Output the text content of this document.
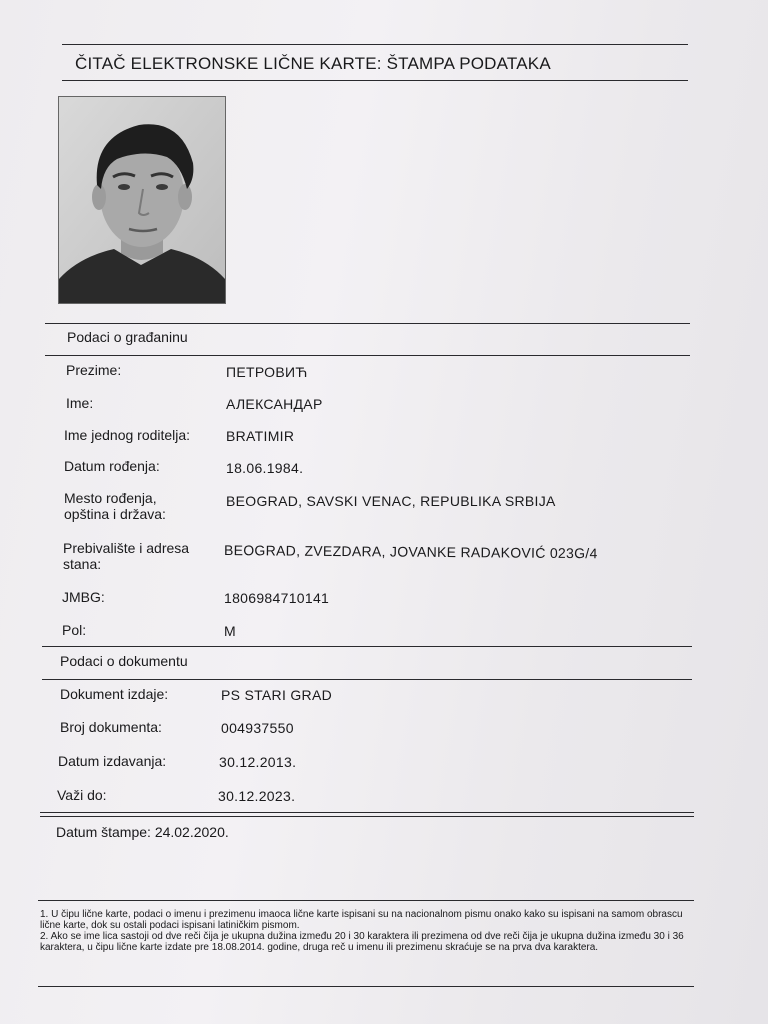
ČITAČ ELEKTRONSKE LIČNE KARTE: ŠTAMPA PODATAKA
Podaci o građaninu
Prezime:	ПЕТРОВИЋ
Ime:	АЛЕКСАНДАР
Ime jednog roditelja:	BRATIMIR
Datum rođenja:	18.06.1984.
Mesto rođenja,
opština i država:
BEOGRAD, SAVSKI VENAC, REPUBLIKA SRBIJA
Prebivalište i adresa
stana:
BEOGRAD, ZVEZDARA, JOVANKE RADAKOVIĆ 023G/4
JMBG:	1806984710141
Pol:	M
Podaci o dokumentu
Dokument izdaje:	PS STARI GRAD
Broj dokumenta:	004937550
Datum izdavanja:	30.12.2013.
Važi do:	30.12.2023.
Datum štampe: 24.02.2020.

1. U čipu lične karte, podaci o imenu i prezimenu imaoca lične karte ispisani su na nacionalnom pismu onako kako su ispisani na samom obrascu lične karte, dok su ostali podaci ispisani latiničkim pismom.

2. Ako se ime lica sastoji od dve reči čija je ukupna dužina između 20 i 30 karaktera ili prezimena od dve reči čija je ukupna dužina između 30 i 36 karaktera, u čipu lične karte izdate pre 18.08.2014. godine, druga reč u imenu ili prezimenu skraćuje se na prva dva karaktera.
